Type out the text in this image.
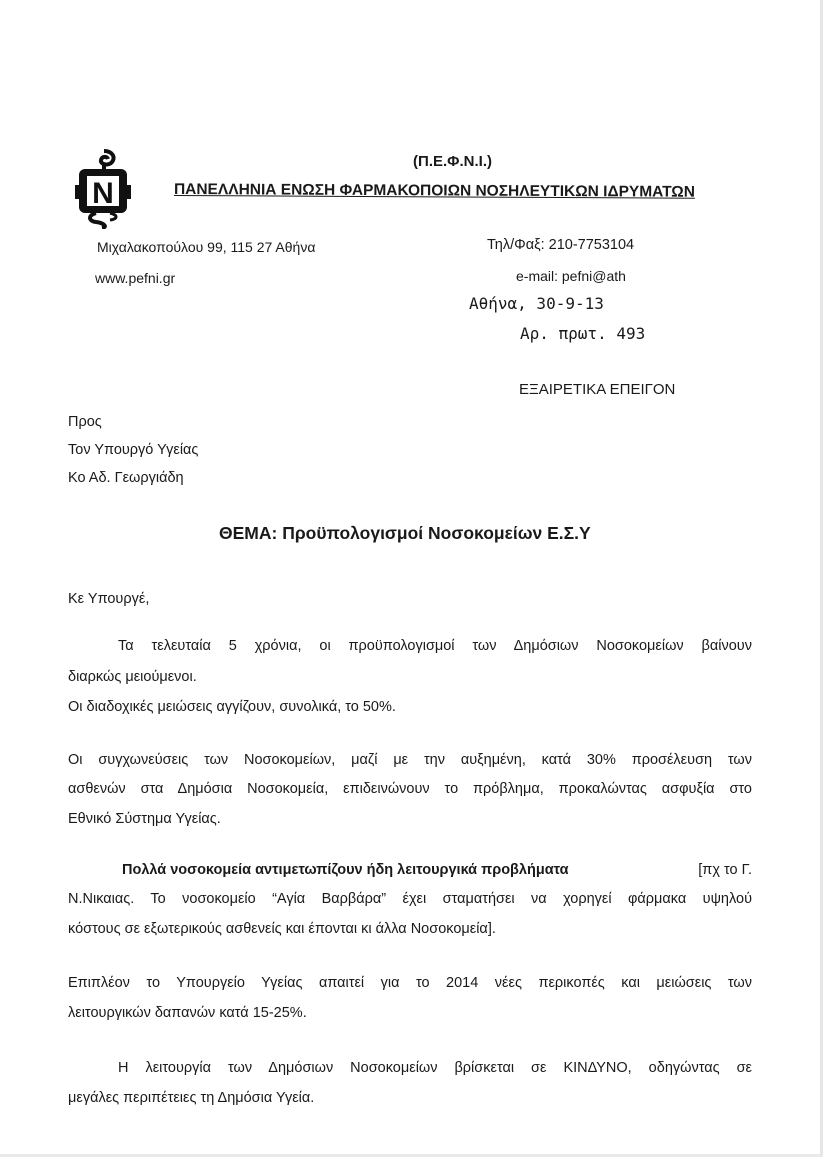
N
(Π.Ε.Φ.Ν.Ι.)
ΠΑΝΕΛΛΗΝΙΑ ΕΝΩΣΗ ΦΑΡΜΑΚΟΠΟΙΩΝ ΝΟΣΗΛΕΥΤΙΚΩΝ ΙΔΡΥΜΑΤΩΝ
Μιχαλακοπούλου 99, 115 27 Αθήνα
www.pefni.gr
Τηλ/Φαξ: 210-7753104
e-mail: pefni@ath
Αθήνα, 30-9-13
Αρ. πρωτ. 493
ΕΞΑΙΡΕΤΙΚΑ ΕΠΕΙΓΟΝ
Προς
Τον Υπουργό Υγείας
Κο Αδ. Γεωργιάδη
ΘΕΜΑ: Προϋπολογισμοί Νοσοκομείων Ε.Σ.Υ
Κε Υπουργέ,
Τα τελευταία 5 χρόνια, οι προϋπολογισμοί των Δημόσιων Νοσοκομείων βαίνουν
διαρκώς μειούμενοι.
Οι διαδοχικές μειώσεις αγγίζουν, συνολικά, το 50%.
Οι συγχωνεύσεις των Νοσοκομείων, μαζί με την αυξημένη, κατά 30% προσέλευση των
ασθενών στα Δημόσια Νοσοκομεία, επιδεινώνουν το πρόβλημα, προκαλώντας ασφυξία στο
Εθνικό Σύστημα Υγείας.
Πολλά νοσοκομεία αντιμετωπίζουν ήδη λειτουργικά προβλήματα	[πχ το Γ.
Ν.Νικαιας. Το νοσοκομείο “Αγία Βαρβάρα” έχει σταματήσει να χορηγεί φάρμακα υψηλού
κόστους σε εξωτερικούς ασθενείς και έπονται κι άλλα Νοσοκομεία].
Επιπλέον το Υπουργείο Υγείας απαιτεί για το 2014 νέες περικοπές και μειώσεις των
λειτουργικών δαπανών κατά 15-25%.
Η λειτουργία των Δημόσιων Νοσοκομείων βρίσκεται σε ΚΙΝΔΥΝΟ, οδηγώντας σε
μεγάλες περιπέτειες τη Δημόσια Υγεία.
